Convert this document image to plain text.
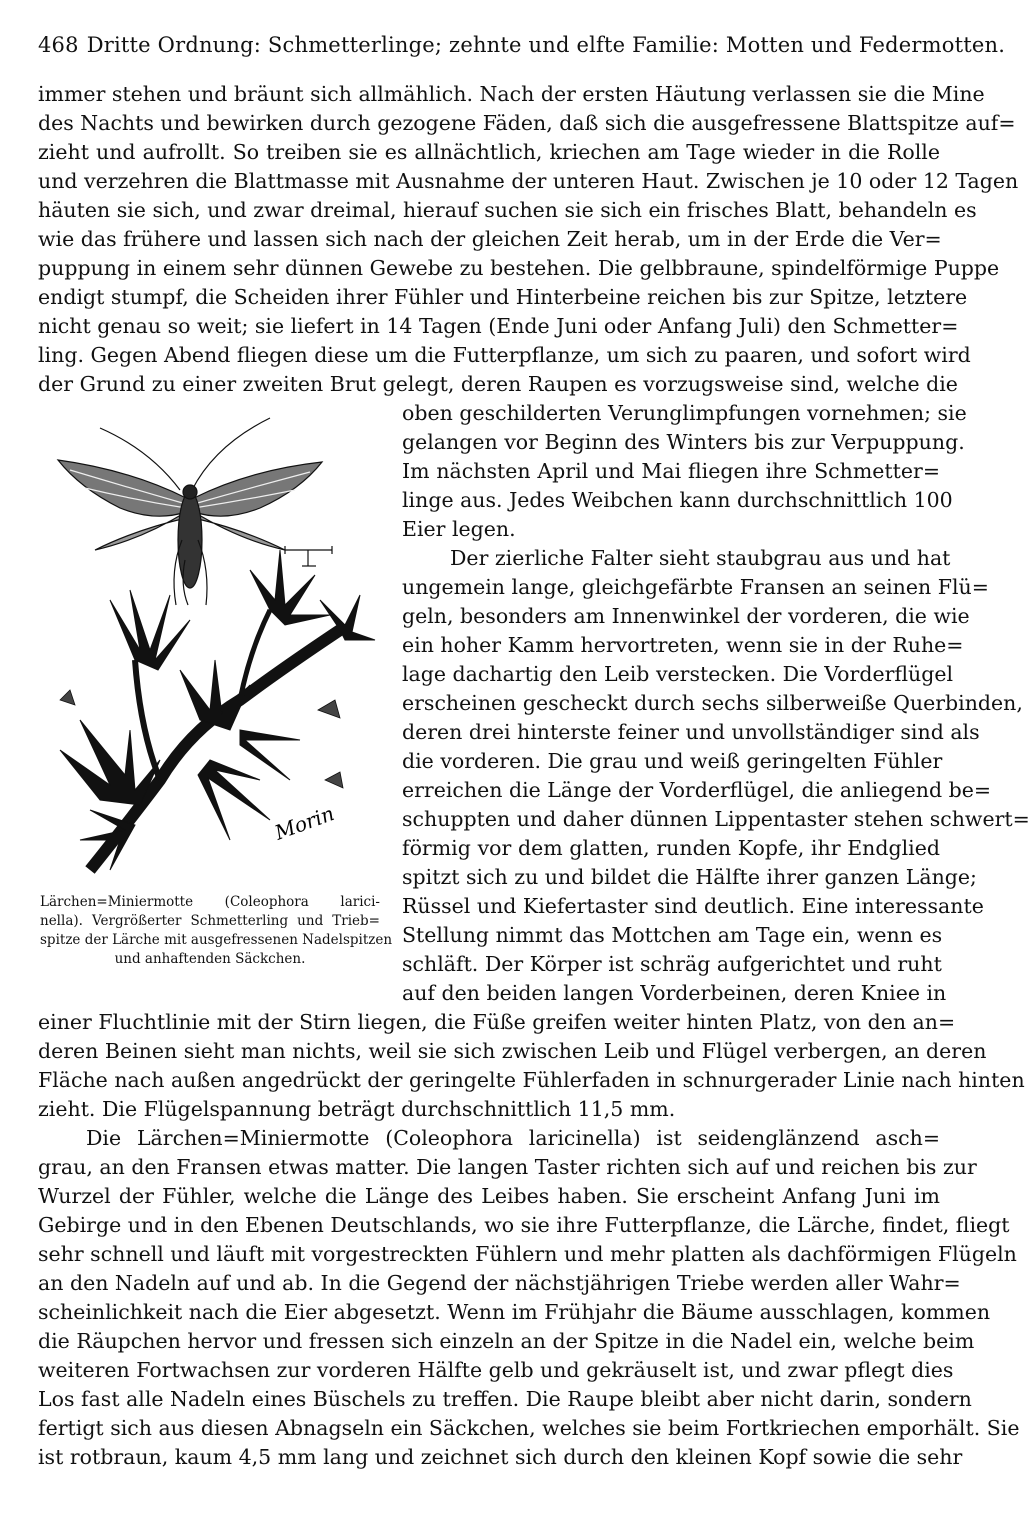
468 Dritte Ordnung: Schmetterlinge; zehnte und elfte Familie: Motten und Federmotten.
immer stehen und bräunt sich allmählich. Nach der ersten Häutung verlassen sie die Mine
des Nachts und bewirken durch gezogene Fäden, daß sich die ausgefressene Blattspitze auf=
zieht und aufrollt. So treiben sie es allnächtlich, kriechen am Tage wieder in die Rolle
und verzehren die Blattmasse mit Ausnahme der unteren Haut. Zwischen je 10 oder 12 Tagen
häuten sie sich, und zwar dreimal, hierauf suchen sie sich ein frisches Blatt, behandeln es
wie das frühere und lassen sich nach der gleichen Zeit herab, um in der Erde die Ver=
puppung in einem sehr dünnen Gewebe zu bestehen. Die gelbbraune, spindelförmige Puppe
endigt stumpf, die Scheiden ihrer Fühler und Hinterbeine reichen bis zur Spitze, letztere
nicht genau so weit; sie liefert in 14 Tagen (Ende Juni oder Anfang Juli) den Schmetter=
ling. Gegen Abend fliegen diese um die Futterpflanze, um sich zu paaren, und sofort wird
der Grund zu einer zweiten Brut gelegt, deren Raupen es vorzugsweise sind, welche die
oben geschilderten Verunglimpfungen vornehmen; sie
gelangen vor Beginn des Winters bis zur Verpuppung.
Im nächsten April und Mai fliegen ihre Schmetter=
linge aus. Jedes Weibchen kann durchschnittlich 100
Eier legen.
Der zierliche Falter sieht staubgrau aus und hat
ungemein lange, gleichgefärbte Fransen an seinen Flü=
geln, besonders am Innenwinkel der vorderen, die wie
ein hoher Kamm hervortreten, wenn sie in der Ruhe=
lage dachartig den Leib verstecken. Die Vorderflügel
erscheinen gescheckt durch sechs silberweiße Querbinden,
deren drei hinterste feiner und unvollständiger sind als
die vorderen. Die grau und weiß geringelten Fühler
erreichen die Länge der Vorderflügel, die anliegend be=
schuppten und daher dünnen Lippentaster stehen schwert=
förmig vor dem glatten, runden Kopfe, ihr Endglied
spitzt sich zu und bildet die Hälfte ihrer ganzen Länge;
Rüssel und Kiefertaster sind deutlich. Eine interessante
Stellung nimmt das Mottchen am Tage ein, wenn es
schläft. Der Körper ist schräg aufgerichtet und ruht
auf den beiden langen Vorderbeinen, deren Kniee in
einer Fluchtlinie mit der Stirn liegen, die Füße greifen weiter hinten Platz, von den an=
deren Beinen sieht man nichts, weil sie sich zwischen Leib und Flügel verbergen, an deren
Fläche nach außen angedrückt der geringelte Fühlerfaden in schnurgerader Linie nach hinten
zieht. Die Flügelspannung beträgt durchschnittlich 11,5 mm.
Die Lärchen=Miniermotte (Coleophora laricinella) ist seidenglänzend asch=
grau, an den Fransen etwas matter. Die langen Taster richten sich auf und reichen bis zur
Wurzel der Fühler, welche die Länge des Leibes haben. Sie erscheint Anfang Juni im
Gebirge und in den Ebenen Deutschlands, wo sie ihre Futterpflanze, die Lärche, findet, fliegt
sehr schnell und läuft mit vorgestreckten Fühlern und mehr platten als dachförmigen Flügeln
an den Nadeln auf und ab. In die Gegend der nächstjährigen Triebe werden aller Wahr=
scheinlichkeit nach die Eier abgesetzt. Wenn im Frühjahr die Bäume ausschlagen, kommen
die Räupchen hervor und fressen sich einzeln an der Spitze in die Nadel ein, welche beim
weiteren Fortwachsen zur vorderen Hälfte gelb und gekräuselt ist, und zwar pflegt dies
Los fast alle Nadeln eines Büschels zu treffen. Die Raupe bleibt aber nicht darin, sondern
fertigt sich aus diesen Abnagseln ein Säckchen, welches sie beim Fortkriechen emporhält. Sie
ist rotbraun, kaum 4,5 mm lang und zeichnet sich durch den kleinen Kopf sowie die sehr
Morin
Lärchen=Miniermotte (Coleophora larici-
nella). Vergrößerter Schmetterling und Trieb=
spitze der Lärche mit ausgefressenen Nadelspitzen
und anhaftenden Säckchen.
